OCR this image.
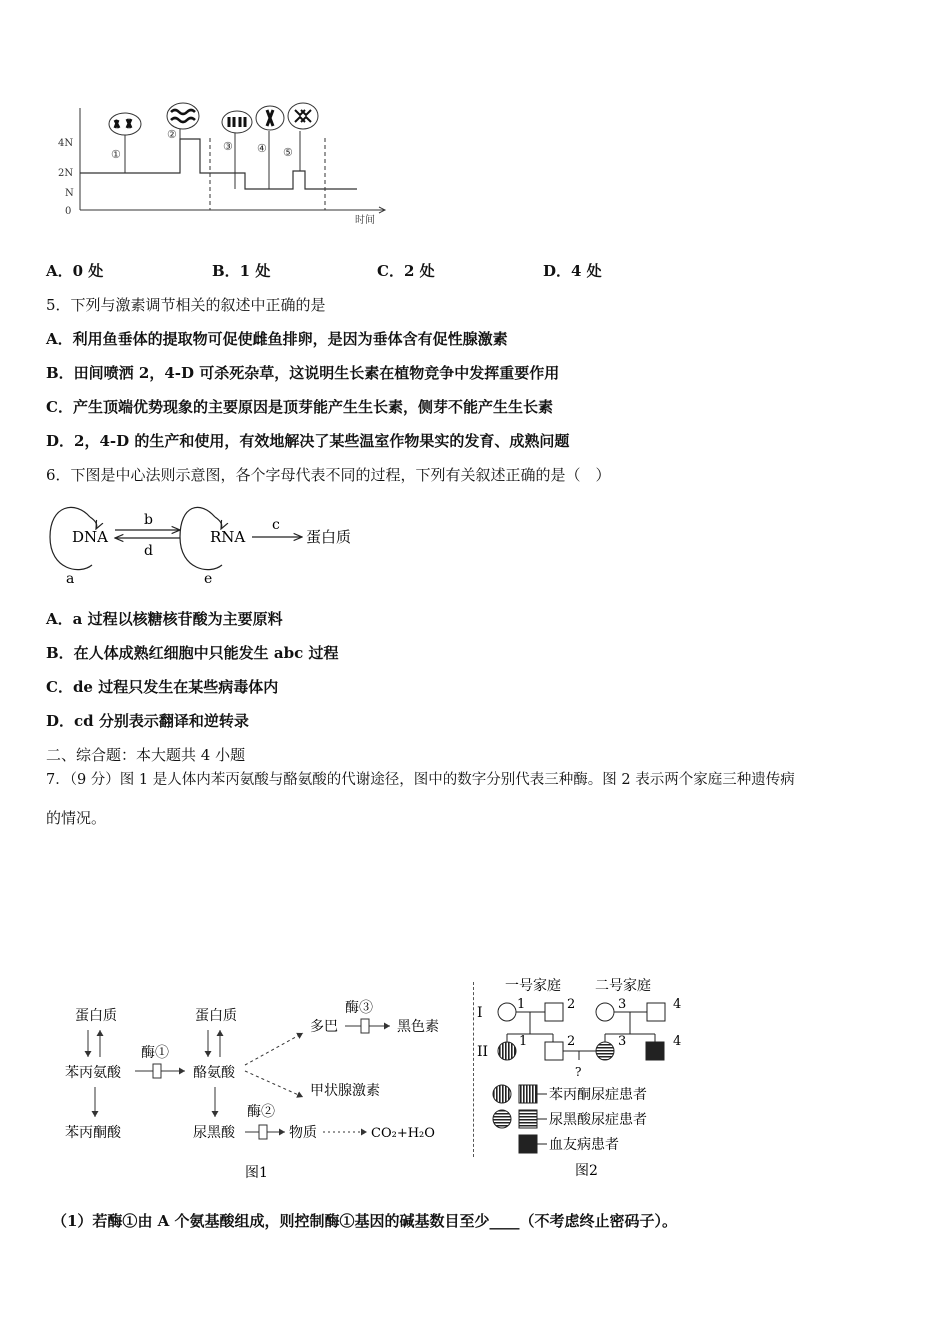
4N
2N
N
0
时间
①
②
③ ④ ⑤
A．0 处	B．1 处	C．2 处	D．4 处
5．下列与激素调节相关的叙述中正确的是
A．利用鱼垂体的提取物可促使雌鱼排卵，是因为垂体含有促性腺激素
B．田间喷洒 2，4-D 可杀死杂草，这说明生长素在植物竞争中发挥重要作用
C．产生顶端优势现象的主要原因是顶芽能产生生长素，侧芽不能产生生长素
D．2，4-D 的生产和使用，有效地解决了某些温室作物果实的发育、成熟问题
6．下图是中心法则示意图，各个字母代表不同的过程，下列有关叙述正确的是（　）
DNA
a
b
d
RNA
e
c
蛋白质
A．a 过程以核糖核苷酸为主要原料
B．在人体成熟红细胞中只能发生 abc 过程
C．de 过程只发生在某些病毒体内
D．cd 分别表示翻译和逆转录
二、综合题：本大题共 4 小题
7．（9 分）图 1 是人体内苯丙氨酸与酪氨酸的代谢途径，图中的数字分别代表三种酶。图 2 表示两个家庭三种遗传病
的情况。
蛋白质
苯丙氨酸
苯丙酮酸
酶①
蛋白质
酪氨酸
尿黑酸
酶③
多巴	黑色素
甲状腺激素
酶②
物质	CO₂+H₂O
图1
一号家庭 二号家庭
I
II
1	2	3	4
1	2	3
?
4
苯丙酮尿症患者
尿黑酸尿症患者
血友病患者
图2
（1）若酶①由 A 个氨基酸组成，则控制酶①基因的碱基数目至少____（不考虑终止密码子）。
